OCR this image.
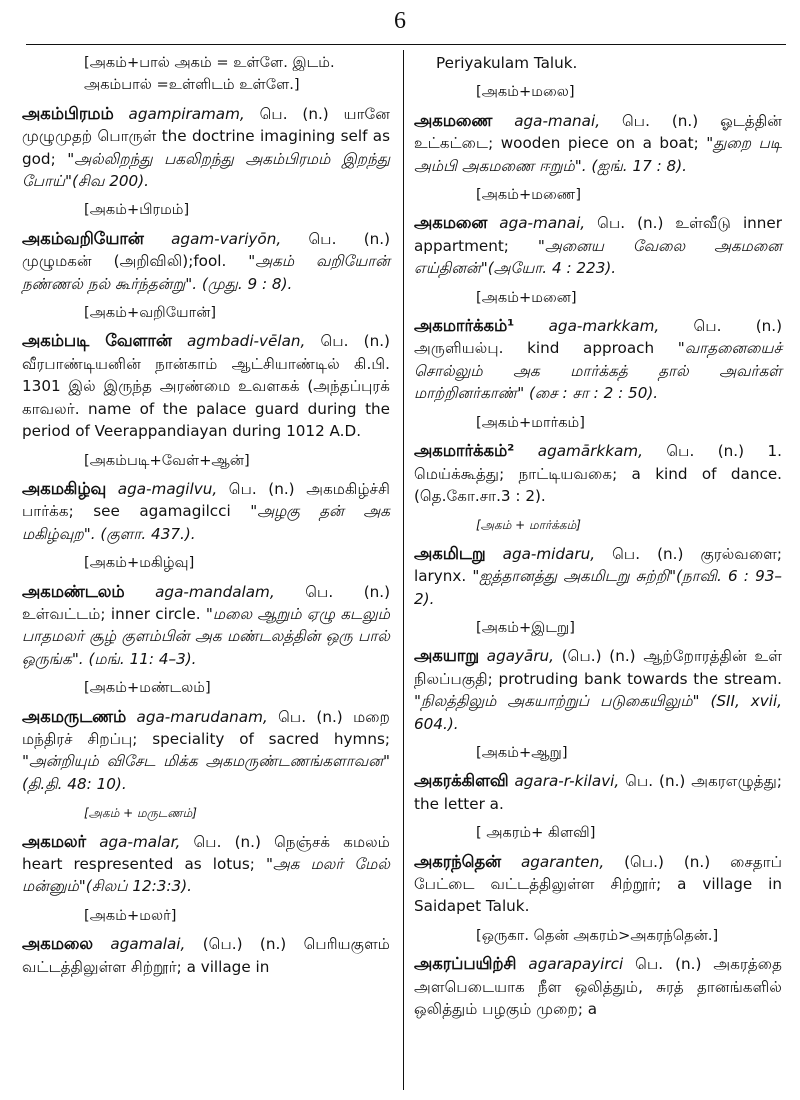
6
[அகம்+பால் அகம் = உள்ளே. இடம். அகம்பால் =உள்ளிடம் உள்ளே.]
அகம்பிரமம் agampiramam, பெ. (n.) யானே முழுமுதற் பொருள் the doctrine imagining self as god; "அல்லிறந்து பகலிறந்து அகம்பிரமம் இறந்து போய்"(சிவ 200).
[அகம்+பிரமம்]
அகம்வறியோன் agam-variyōn, பெ. (n.) முழுமகன் (அறிவிலி);fool. "அகம் வறியோன் நண்ணல் நல் கூர்ந்தன்று". (முது. 9 : 8).
[அகம்+வறியோன்]
அகம்படி வேளான் agmbadi-vēlan, பெ. (n.) வீரபாண்டியனின் நான்காம் ஆட்சியாண்டில் கி.பி. 1301 இல் இருந்த அரண்மை உவளகக் (அந்தப்புரக் காவலர். name of the palace guard during the period of Veerappandiayan during 1012 A.D.
[அகம்படி+வேள்+ஆன்]
அகமகிழ்வு aga-magilvu, பெ. (n.) அகமகிழ்ச்சி பார்க்க; see agamagilcci "அழகு தன் அக மகிழ்வுற". (குளா. 437.).
[அகம்+மகிழ்வு]
அகமண்டலம் aga-mandalam, பெ. (n.) உள்வட்டம்; inner circle. "மலை ஆறும் ஏழு கடலும் பாதமலர் சூழ் குளம்பின் அக மண்டலத்தின் ஒரு பால் ஒருங்க". (மங். 11: 4–3).
[அகம்+மண்டலம்]
அகமருடணம் aga-marudanam, பெ. (n.) மறை மந்திரச் சிறப்பு; speciality of sacred hymns; "அன்றியும் விசேட மிக்க அகமருண்டணங்களாவன"(தி.தி. 48: 10).
[அகம் + மருடணம்]
அகமலர் aga-malar, பெ. (n.) நெஞ்சக் கமலம் heart respresented as lotus; "அக மலர் மேல் மன்னும்"(சிலப் 12:3:3).
[அகம்+மலர்]
அகமலை agamalai, (பெ.) (n.) பெரியகுளம் வட்டத்திலுள்ள சிற்றூர்; a village in
Periyakulam Taluk.
[அகம்+மலை]
அகமணை aga-manai, பெ. (n.) ஓடத்தின் உட்கட்டை; wooden piece on a boat; "துறை படி அம்பி அகமணை ஈறும்". (ஐங். 17 : 8).
[அகம்+மணை]
அகமனை aga-manai, பெ. (n.) உள்வீடு inner appartment; "அனைய வேலை அகமனை எய்தினன்"(அயோ. 4 : 223).
[அகம்+மனை]
அகமார்க்கம்¹ aga-markkam, பெ. (n.) அருளியல்பு. kind approach "வாதனையைச் சொல்லும் அக மார்க்கத் தால் அவர்கள் மாற்றினர்காண்" (சை : சா : 2 : 50).
[அகம்+மார்கம்]
அகமார்க்கம்² agamārkkam, பெ. (n.) 1. மெய்க்கூத்து; நாட்டியவகை; a kind of dance. (தெ.கோ.சா.3 : 2).
[அகம் + மார்க்கம்]
அகமிடறு aga-midaru, பெ. (n.) குரல்வளை; larynx. "ஐத்தானத்து அகமிடறு சுற்றி"(நாவி. 6 : 93–2).
[அகம்+இடறு]
அகயாறு agayāru, (பெ.) (n.) ஆற்றோரத்தின் உள் நிலப்பகுதி; protruding bank towards the stream. "நிலத்திலும் அகயாற்றுப் படுகையிலும்" (SII, xvii, 604.).
[அகம்+ஆறு]
அகரக்கிளவி agara-r-kilavi, பெ. (n.) அகரஎழுத்து; the letter a.
[ அகரம்+ கிளவி]
அகரந்தென் agaranten, (பெ.) (n.) சைதாப் பேட்டை வட்டத்திலுள்ள சிற்றூர்; a village in Saidapet Taluk.
[ஒருகா. தென் அகரம்>அகரந்தென்.]
அகரப்பயிற்சி agarapayirci பெ. (n.) அகரத்தை அளபெடையாக நீள ஒலித்தும், சுரத் தானங்களில் ஒலித்தும் பழகும் முறை; a
